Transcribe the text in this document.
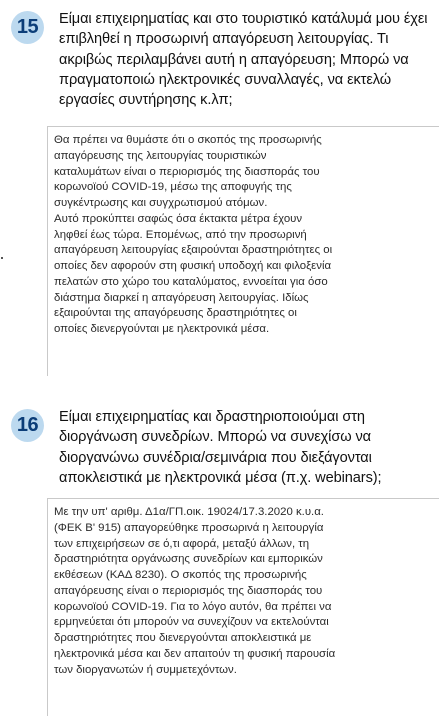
15	Είμαι επιχειρηματίας και στο τουριστικό κατάλυμά μου έχει επιβληθεί η προσωρινή απαγόρευση λειτουργίας. Τι ακριβώς περιλαμβάνει αυτή η απαγόρευση; Μπορώ να πραγματοποιώ ηλεκτρονικές συναλλαγές, να εκτελώ εργασίες συντήρησης κ.λπ;

Θα πρέπει να θυμάστε ότι ο σκοπός της προσωρινής
απαγόρευσης της λειτουργίας τουριστικών
καταλυμάτων είναι ο περιορισμός της διασποράς του
κορωνοϊού COVID-19, μέσω της αποφυγής της
συγκέντρωσης και συγχρωτισμού ατόμων.

Αυτό προκύπτει σαφώς όσα έκτακτα μέτρα έχουν
ληφθεί έως τώρα. Επομένως, από την προσωρινή
απαγόρευση λειτουργίας εξαιρούνται δραστηριότητες οι
οποίες δεν αφορούν στη φυσική υποδοχή και φιλοξενία
πελατών στο χώρο του καταλύματος, εννοείται για όσο
διάστημα διαρκεί η απαγόρευση λειτουργίας. Ιδίως
εξαιρούνται της απαγόρευσης δραστηριότητες οι
οποίες διενεργούνται με ηλεκτρονικά μέσα.

16	Είμαι επιχειρηματίας και δραστηριοποιούμαι στη διοργάνωση συνεδρίων. Μπορώ να συνεχίσω να διοργανώνω συνέδρια/σεμινάρια που διεξάγονται αποκλειστικά με ηλεκτρονικά μέσα (π.χ. webinars);

Με την υπ' αριθμ. Δ1α/ΓΠ.οικ. 19024/17.3.2020 κ.υ.α.
(ΦΕΚ Β' 915) απαγορεύθηκε προσωρινά η λειτουργία
των επιχειρήσεων σε ό,τι αφορά, μεταξύ άλλων, τη
δραστηριότητα οργάνωσης συνεδρίων και εμπορικών
εκθέσεων (ΚΑΔ 8230). Ο σκοπός της προσωρινής
απαγόρευσης είναι ο περιορισμός της διασποράς του
κορωνοϊού COVID-19. Για το λόγο αυτόν, θα πρέπει να
ερμηνεύεται ότι μπορούν να συνεχίζουν να εκτελούνται
δραστηριότητες που διενεργούνται αποκλειστικά με
ηλεκτρονικά μέσα και δεν απαιτούν τη φυσική παρουσία
των διοργανωτών ή συμμετεχόντων.
